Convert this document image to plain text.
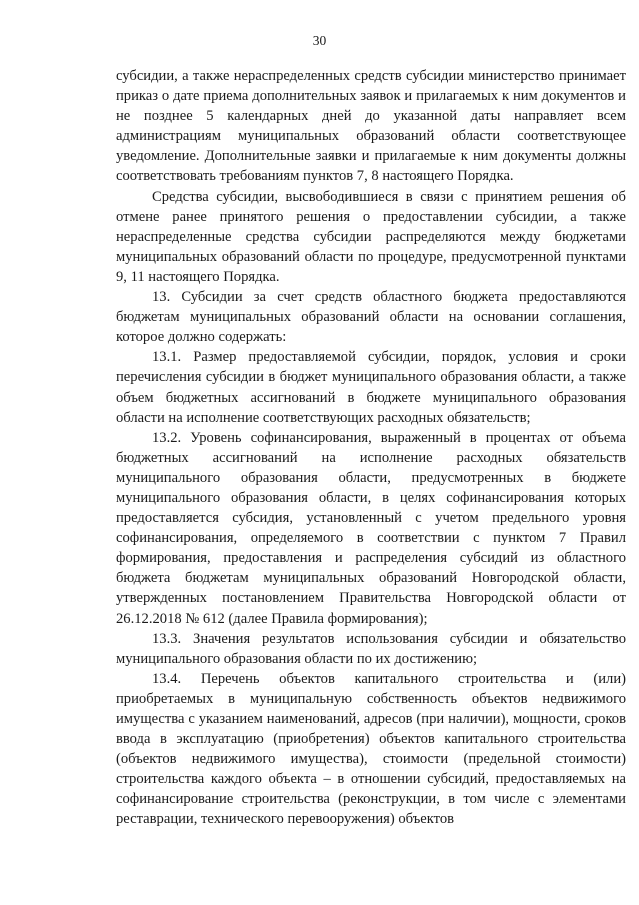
30

субсидии, а также нераспределенных средств субсидии министерство принимает приказ о дате приема дополнительных заявок и прилагаемых к ним документов и не позднее 5 календарных дней до указанной даты направляет всем администрациям муниципальных образований области соответствующее уведомление. Дополнительные заявки и прилагаемые к ним документы должны соответствовать требованиям пунктов 7, 8 настоящего Порядка.

Средства субсидии, высвободившиеся в связи с принятием решения об отмене ранее принятого решения о предоставлении субсидии, а также нераспределенные средства субсидии распределяются между бюджетами муниципальных образований области по процедуре, предусмотренной пунктами 9, 11 настоящего Порядка.

13. Субсидии за счет средств областного бюджета предоставляются бюджетам муниципальных образований области на основании соглашения, которое должно содержать:

13.1. Размер предоставляемой субсидии, порядок, условия и сроки перечисления субсидии в бюджет муниципального образования области, а также объем бюджетных ассигнований в бюджете муниципального образования области на исполнение соответствующих расходных обязательств;

13.2. Уровень софинансирования, выраженный в процентах от объема бюджетных ассигнований на исполнение расходных обязательств муниципального образования области, предусмотренных в бюджете муниципального образования области, в целях софинансирования которых предоставляется субсидия, установленный с учетом предельного уровня софинансирования, определяемого в соответствии с пунктом 7 Правил формирования, предоставления и распределения субсидий из областного бюджета бюджетам муниципальных образований Новгородской области, утвержденных постановлением Правительства Новгородской области от 26.12.2018 № 612 (далее Правила формирования);

13.3. Значения результатов использования субсидии и обязательство муниципального образования области по их достижению;

13.4. Перечень объектов капитального строительства и (или) приобретаемых в муниципальную собственность объектов недвижимого имущества с указанием наименований, адресов (при наличии), мощности, сроков ввода в эксплуатацию (приобретения) объектов капитального строительства (объектов недвижимого имущества), стоимости (предельной стоимости) строительства каждого объекта – в отношении субсидий, предоставляемых на софинансирование строительства (реконструкции, в том числе с элементами реставрации, технического перевооружения) объектов
